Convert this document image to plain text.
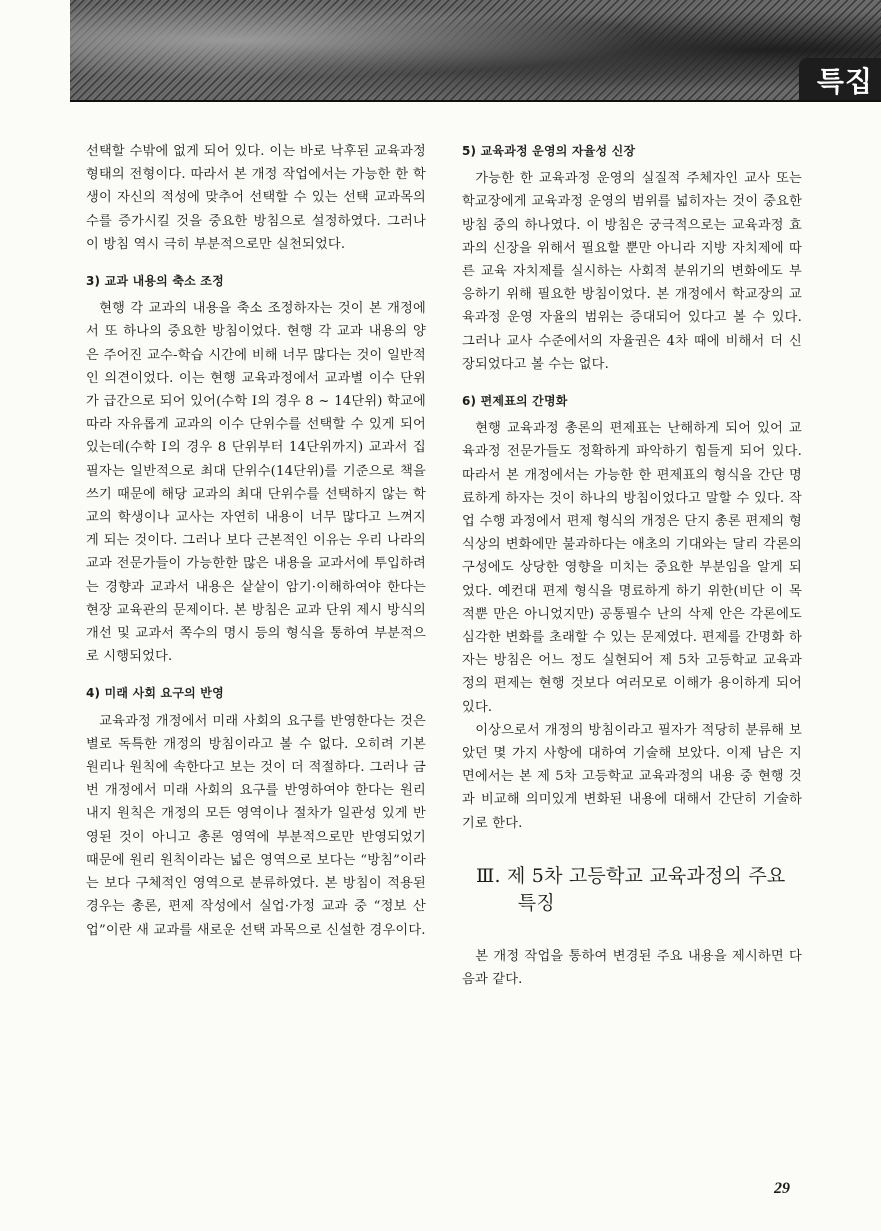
특집

선택할 수밖에 없게 되어 있다. 이는 바로 낙후된 교육과정 형태의 전형이다. 따라서 본 개정 작업에서는 가능한 한 학생이 자신의 적성에 맞추어 선택할 수 있는 선택 교과목의 수를 증가시킬 것을 중요한 방침으로 설정하였다. 그러나 이 방침 역시 극히 부분적으로만 실천되었다.

3) 교과 내용의 축소 조정

현행 각 교과의 내용을 축소 조정하자는 것이 본 개정에서 또 하나의 중요한 방침이었다. 현행 각 교과 내용의 양은 주어진 교수-학습 시간에 비해 너무 많다는 것이 일반적인 의견이었다. 이는 현행 교육과정에서 교과별 이수 단위가 급간으로 되어 있어(수학 Ⅰ의 경우 8 ~ 14단위) 학교에 따라 자유롭게 교과의 이수 단위수를 선택할 수 있게 되어 있는데(수학 Ⅰ의 경우 8 단위부터 14단위까지) 교과서 집필자는 일반적으로 최대 단위수(14단위)를 기준으로 책을 쓰기 때문에 해당 교과의 최대 단위수를 선택하지 않는 학교의 학생이나 교사는 자연히 내용이 너무 많다고 느껴지게 되는 것이다. 그러나 보다 근본적인 이유는 우리 나라의 교과 전문가들이 가능한한 많은 내용을 교과서에 투입하려는 경향과 교과서 내용은 샅샅이 암기·이해하여야 한다는 현장 교육관의 문제이다. 본 방침은 교과 단위 제시 방식의 개선 및 교과서 쪽수의 명시 등의 형식을 통하여 부분적으로 시행되었다.

4) 미래 사회 요구의 반영

교육과정 개정에서 미래 사회의 요구를 반영한다는 것은 별로 독특한 개정의 방침이라고 볼 수 없다. 오히려 기본 원리나 원칙에 속한다고 보는 것이 더 적절하다. 그러나 금번 개정에서 미래 사회의 요구를 반영하여야 한다는 원리 내지 원칙은 개정의 모든 영역이나 절차가 일관성 있게 반영된 것이 아니고 총론 영역에 부분적으로만 반영되었기 때문에 원리 원칙이라는 넓은 영역으로 보다는 “방침”이라는 보다 구체적인 영역으로 분류하였다. 본 방침이 적용된 경우는 총론, 편제 작성에서 실업·가정 교과 중 “정보 산업”이란 새 교과를 새로운 선택 과목으로 신설한 경우이다.

5) 교육과정 운영의 자율성 신장

가능한 한 교육과정 운영의 실질적 주체자인 교사 또는 학교장에게 교육과정 운영의 범위를 넓히자는 것이 중요한 방침 중의 하나였다. 이 방침은 궁극적으로는 교육과정 효과의 신장을 위해서 필요할 뿐만 아니라 지방 자치제에 따른 교육 자치제를 실시하는 사회적 분위기의 변화에도 부응하기 위해 필요한 방침이었다. 본 개정에서 학교장의 교육과정 운영 자율의 범위는 증대되어 있다고 볼 수 있다. 그러나 교사 수준에서의 자율권은 4차 때에 비해서 더 신장되었다고 볼 수는 없다.

6) 편제표의 간명화

현행 교육과정 총론의 편제표는 난해하게 되어 있어 교육과정 전문가들도 정확하게 파악하기 힘들게 되어 있다. 따라서 본 개정에서는 가능한 한 편제표의 형식을 간단 명료하게 하자는 것이 하나의 방침이었다고 말할 수 있다. 작업 수행 과정에서 편제 형식의 개정은 단지 총론 편제의 형식상의 변화에만 불과하다는 애초의 기대와는 달리 각론의 구성에도 상당한 영향을 미치는 중요한 부분임을 알게 되었다. 예컨대 편제 형식을 명료하게 하기 위한(비단 이 목적뿐 만은 아니었지만) 공통필수 난의 삭제 안은 각론에도 심각한 변화를 초래할 수 있는 문제였다. 편제를 간명화 하자는 방침은 어느 정도 실현되어 제 5차 고등학교 교육과정의 편제는 현행 것보다 여러모로 이해가 용이하게 되어 있다.

이상으로서 개정의 방침이라고 필자가 적당히 분류해 보았던 몇 가지 사항에 대하여 기술해 보았다. 이제 남은 지면에서는 본 제 5차 고등학교 교육과정의 내용 중 현행 것과 비교해 의미있게 변화된 내용에 대해서 간단히 기술하기로 한다.

Ⅲ. 제 5차 고등학교 교육과정의 주요 특징

본 개정 작업을 통하여 변경된 주요 내용을 제시하면 다음과 같다.

29
